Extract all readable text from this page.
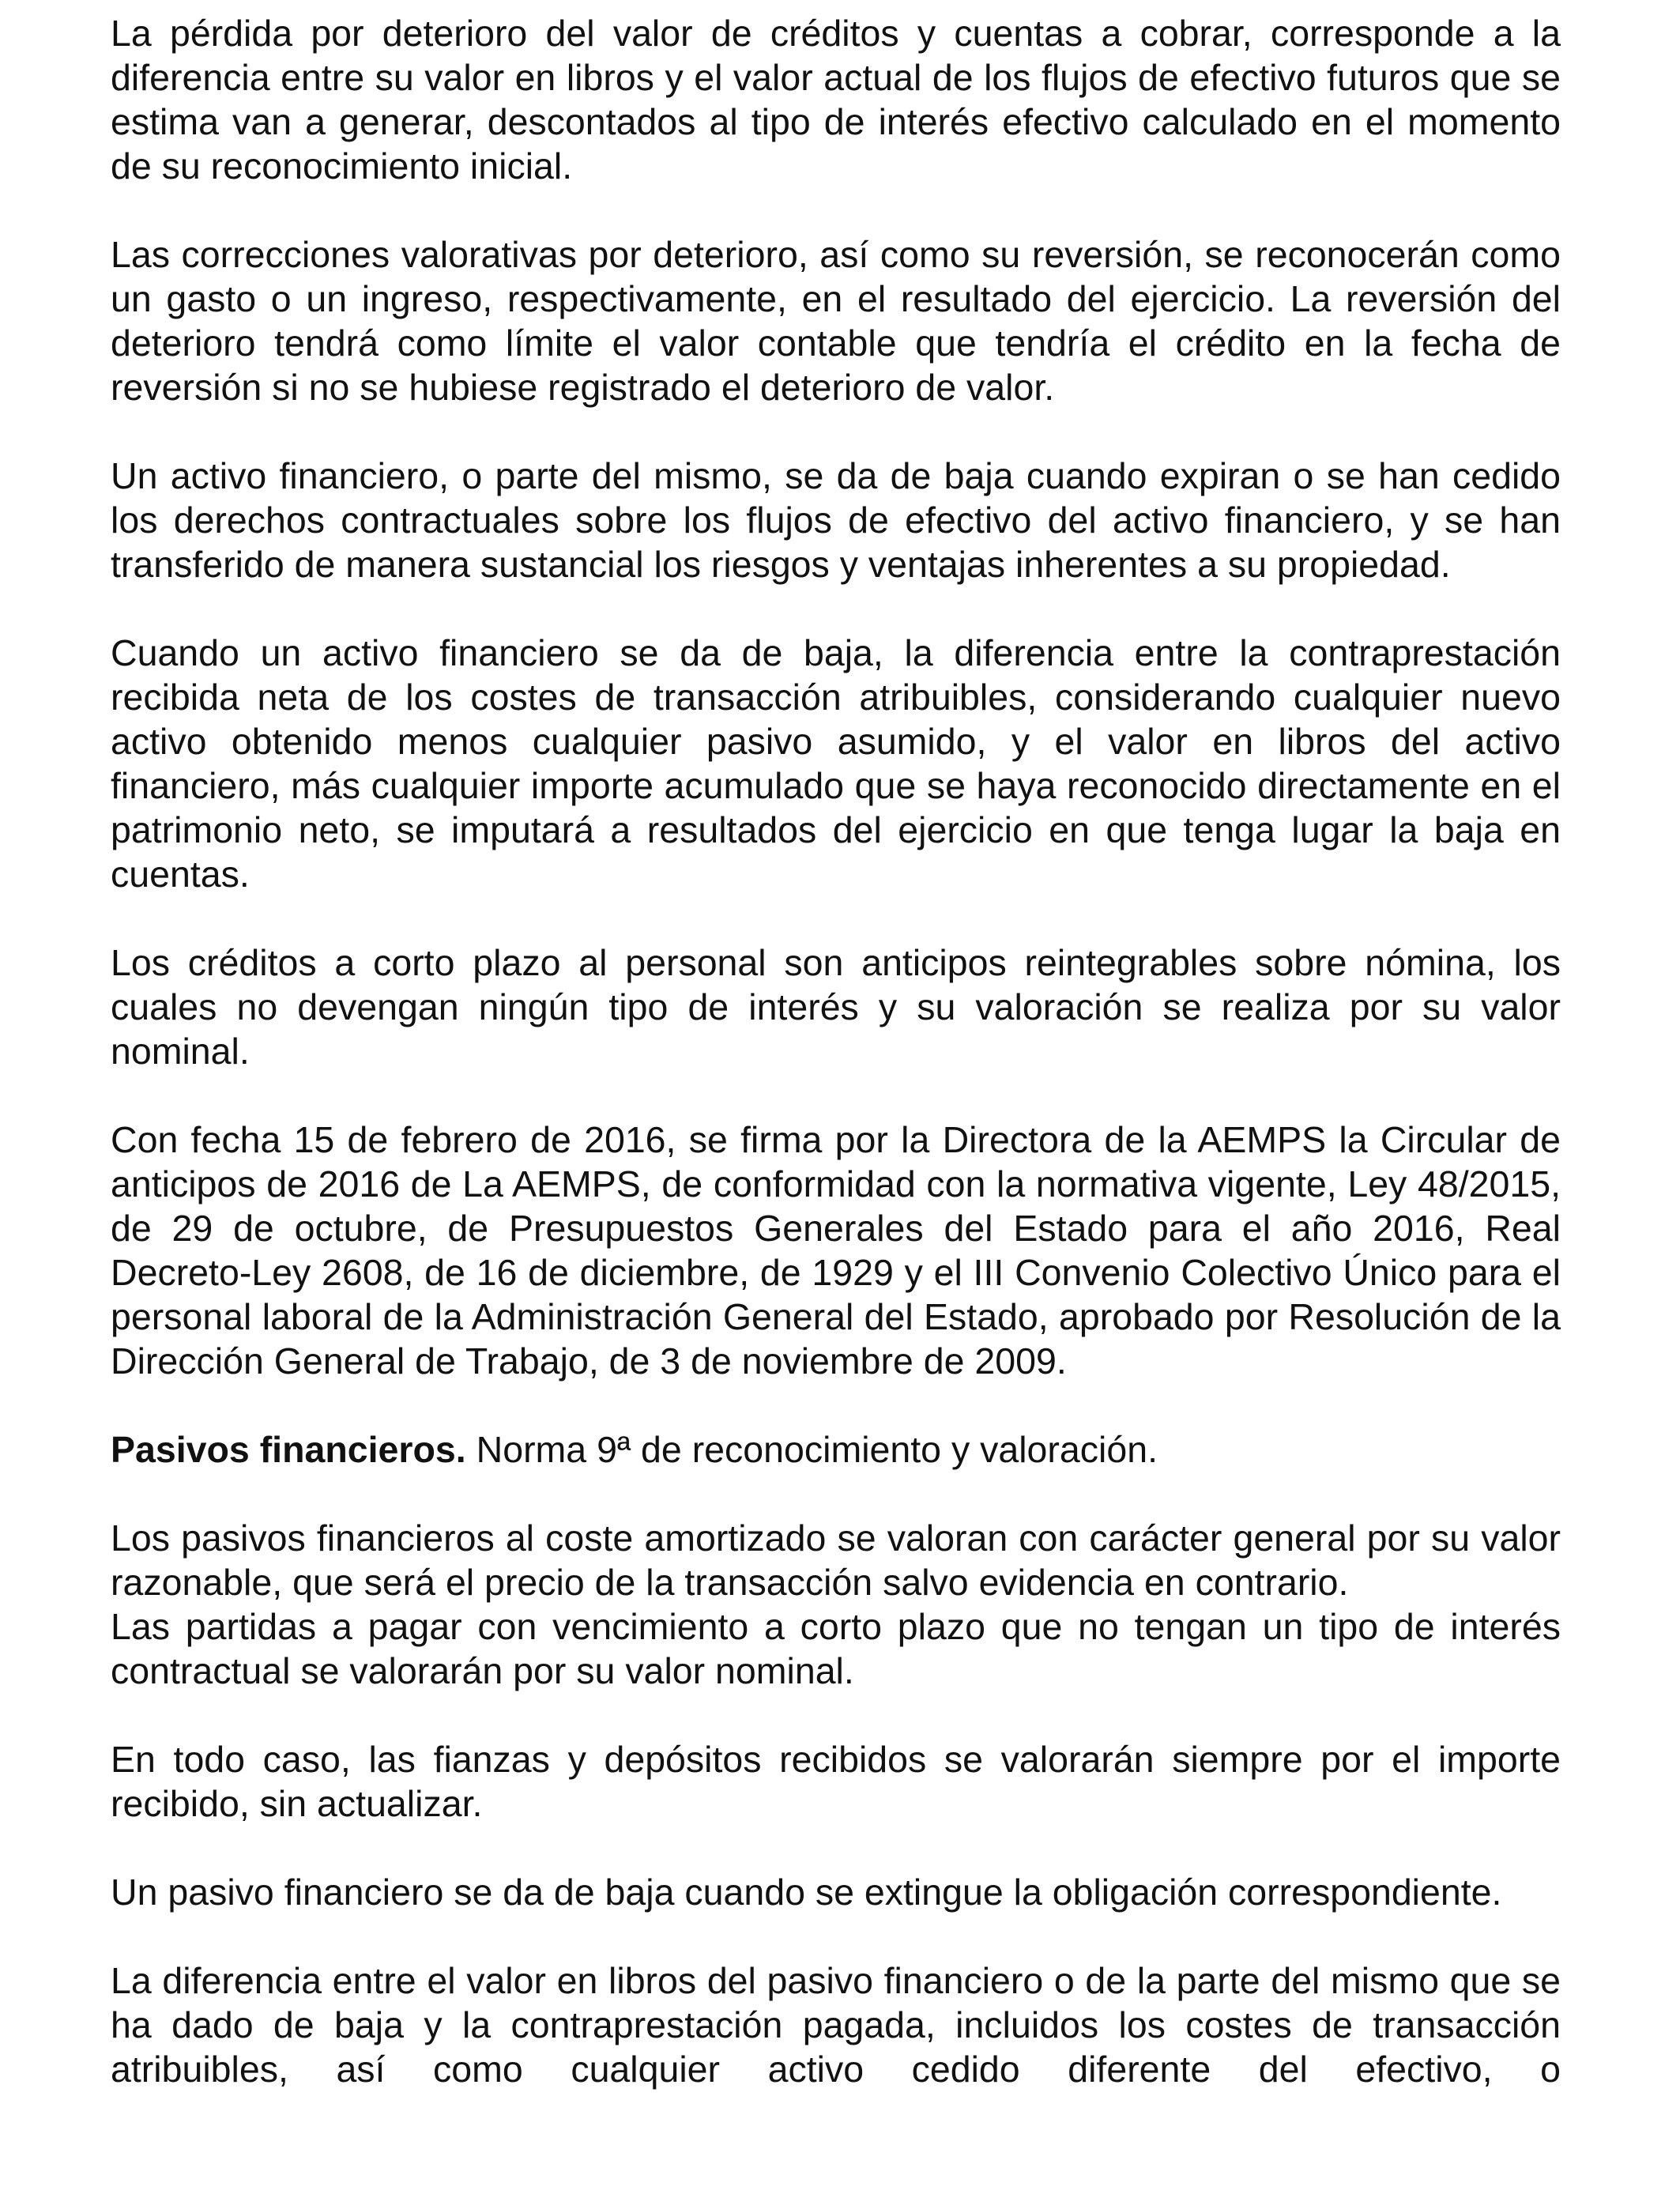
La pérdida por deterioro del valor de créditos y cuentas a cobrar, corresponde a la diferencia entre su valor en libros y el valor actual de los flujos de efectivo futuros que se estima van a generar, descontados al tipo de interés efectivo calculado en el momento de su reconocimiento inicial.

Las correcciones valorativas por deterioro, así como su reversión, se reconocerán como un gasto o un ingreso, respectivamente, en el resultado del ejercicio. La reversión del deterioro tendrá como límite el valor contable que tendría el crédito en la fecha de reversión si no se hubiese registrado el deterioro de valor.

Un activo financiero, o parte del mismo, se da de baja cuando expiran o se han cedido los derechos contractuales sobre los flujos de efectivo del activo financiero, y se han transferido de manera sustancial los riesgos y ventajas inherentes a su propiedad.

Cuando un activo financiero se da de baja, la diferencia entre la contraprestación recibida neta de los costes de transacción atribuibles, considerando cualquier nuevo activo obtenido menos cualquier pasivo asumido, y el valor en libros del activo financiero, más cualquier importe acumulado que se haya reconocido directamente en el patrimonio neto, se imputará a resultados del ejercicio en que tenga lugar la baja en cuentas.

Los créditos a corto plazo al personal son anticipos reintegrables sobre nómina, los cuales no devengan ningún tipo de interés y su valoración se realiza por su valor nominal.

Con fecha 15 de febrero de 2016, se firma por la Directora de la AEMPS la Circular de anticipos de 2016 de La AEMPS, de conformidad con la normativa vigente, Ley 48/2015, de 29 de octubre, de Presupuestos Generales del Estado para el año 2016, Real Decreto-Ley 2608, de 16 de diciembre, de 1929 y el III Convenio Colectivo Único para el personal laboral de la Administración General del Estado, aprobado por Resolución de la Dirección General de Trabajo, de 3 de noviembre de 2009.

Pasivos financieros. Norma 9ª de reconocimiento y valoración.

Los pasivos financieros al coste amortizado se valoran con carácter general por su valor razonable, que será el precio de la transacción salvo evidencia en contrario.
Las partidas a pagar con vencimiento a corto plazo que no tengan un tipo de interés contractual se valorarán por su valor nominal.

En todo caso, las fianzas y depósitos recibidos se valorarán siempre por el importe recibido, sin actualizar.

Un pasivo financiero se da de baja cuando se extingue la obligación correspondiente.

La diferencia entre el valor en libros del pasivo financiero o de la parte del mismo que se ha dado de baja y la contraprestación pagada, incluidos los costes de transacción atribuibles, así como cualquier activo cedido diferente del efectivo, o
